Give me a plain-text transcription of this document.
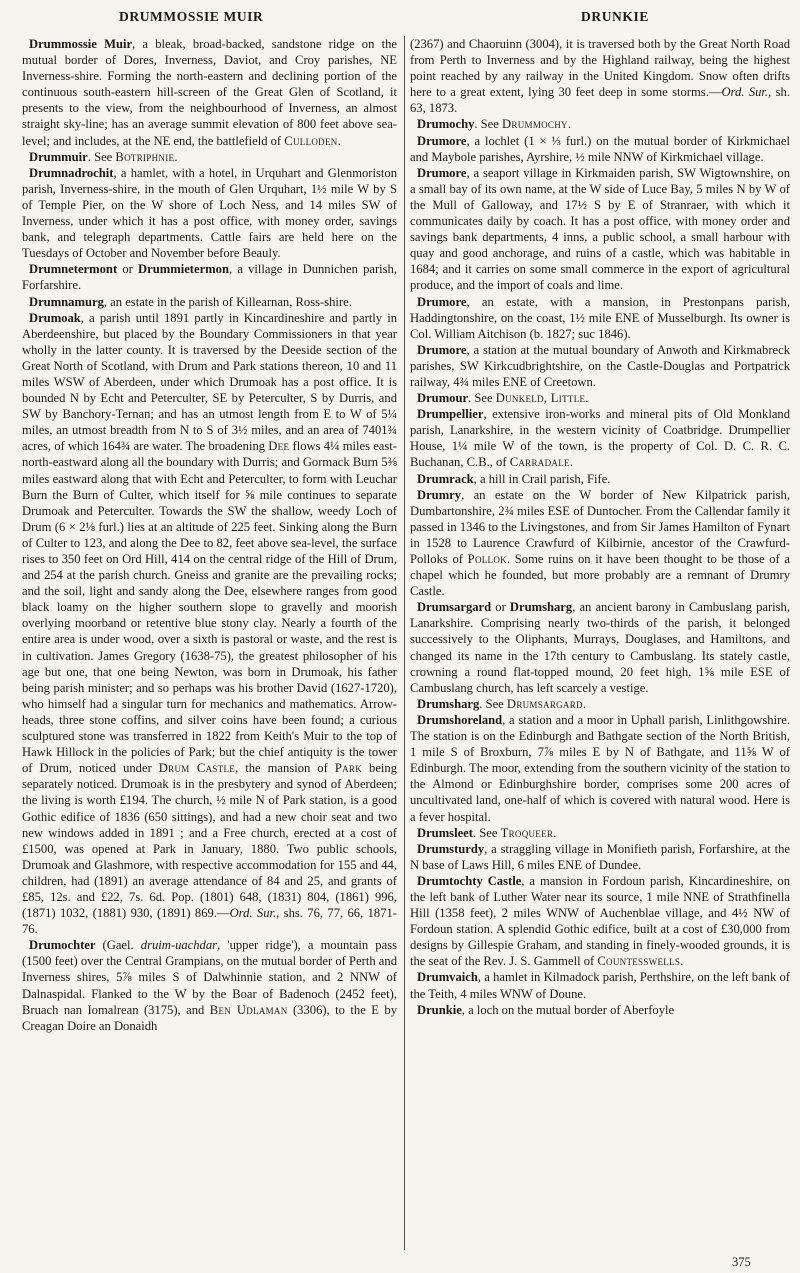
DRUMMOSSIE MUIR	DRUNKIE

Drummossie Muir, a bleak, broad-backed, sandstone ridge on the mutual border of Dores, Inverness, Daviot, and Croy parishes, NE Inverness-shire. Forming the north-eastern and declining portion of the continuous south-eastern hill-screen of the Great Glen of Scotland, it presents to the view, from the neighbourhood of Inverness, an almost straight sky-line; has an average summit elevation of 800 feet above sea-level; and includes, at the NE end, the battlefield of Culloden.

Drummuir. See Botriphnie.

Drumnadrochit, a hamlet, with a hotel, in Urquhart and Glenmoriston parish, Inverness-shire, in the mouth of Glen Urquhart, 1½ mile W by S of Temple Pier, on the W shore of Loch Ness, and 14 miles SW of Inverness, under which it has a post office, with money order, savings bank, and telegraph departments. Cattle fairs are held here on the Tuesdays of October and November before Beauly.

Drumnetermont or Drummietermon, a village in Dunnichen parish, Forfarshire.

Drumnamurg, an estate in the parish of Killearnan, Ross-shire.

Drumoak, a parish until 1891 partly in Kincardineshire and partly in Aberdeenshire, but placed by the Boundary Commissioners in that year wholly in the latter county. It is traversed by the Deeside section of the Great North of Scotland, with Drum and Park stations thereon, 10 and 11 miles WSW of Aberdeen, under which Drumoak has a post office. It is bounded N by Echt and Peterculter, SE by Peterculter, S by Durris, and SW by Banchory-Ternan; and has an utmost length from E to W of 5¼ miles, an utmost breadth from N to S of 3½ miles, and an area of 7401¾ acres, of which 164¾ are water. The broadening Dee flows 4¼ miles east-north-eastward along all the boundary with Durris; and Gormack Burn 5⅜ miles eastward along that with Echt and Peterculter, to form with Leuchar Burn the Burn of Culter, which itself for ⅝ mile continues to separate Drumoak and Peterculter. Towards the SW the shallow, weedy Loch of Drum (6 × 2⅛ furl.) lies at an altitude of 225 feet. Sinking along the Burn of Culter to 123, and along the Dee to 82, feet above sea-level, the surface rises to 350 feet on Ord Hill, 414 on the central ridge of the Hill of Drum, and 254 at the parish church. Gneiss and granite are the prevailing rocks; and the soil, light and sandy along the Dee, elsewhere ranges from good black loamy on the higher southern slope to gravelly and moorish overlying moorband or retentive blue stony clay. Nearly a fourth of the entire area is under wood, over a sixth is pastoral or waste, and the rest is in cultivation. James Gregory (1638-75), the greatest philosopher of his age but one, that one being Newton, was born in Drumoak, his father being parish minister; and so perhaps was his brother David (1627-1720), who himself had a singular turn for mechanics and mathematics. Arrow-heads, three stone coffins, and silver coins have been found; a curious sculptured stone was transferred in 1822 from Keith's Muir to the top of Hawk Hillock in the policies of Park; but the chief antiquity is the tower of Drum, noticed under Drum Castle, the mansion of Park being separately noticed. Drumoak is in the presbytery and synod of Aberdeen; the living is worth £194. The church, ½ mile N of Park station, is a good Gothic edifice of 1836 (650 sittings), and had a new choir seat and two new windows added in 1891 ; and a Free church, erected at a cost of £1500, was opened at Park in January, 1880. Two public schools, Drumoak and Glashmore, with respective accommodation for 155 and 44, children, had (1891) an average attendance of 84 and 25, and grants of £85, 12s. and £22, 7s. 6d. Pop. (1801) 648, (1831) 804, (1861) 996, (1871) 1032, (1881) 930, (1891) 869.—Ord. Sur., shs. 76, 77, 66, 1871-76.

Drumochter (Gael. druim-uachdar, 'upper ridge'), a mountain pass (1500 feet) over the Central Grampians, on the mutual border of Perth and Inverness shires, 5⅞ miles S of Dalwhinnie station, and 2 NNW of Dalnaspidal. Flanked to the W by the Boar of Badenoch (2452 feet), Bruach nan Iomalrean (3175), and Ben Udlaman (3306), to the E by Creagan Doire an Donaidh

(2367) and Chaoruinn (3004), it is traversed both by the Great North Road from Perth to Inverness and by the Highland railway, being the highest point reached by any railway in the United Kingdom. Snow often drifts here to a great extent, lying 30 feet deep in some storms.—Ord. Sur., sh. 63, 1873.

Drumochy. See Drummochy.

Drumore, a lochlet (1 × ⅓ furl.) on the mutual border of Kirkmichael and Maybole parishes, Ayrshire, ½ mile NNW of Kirkmichael village.

Drumore, a seaport village in Kirkmaiden parish, SW Wigtownshire, on a small bay of its own name, at the W side of Luce Bay, 5 miles N by W of the Mull of Galloway, and 17½ S by E of Stranraer, with which it communicates daily by coach. It has a post office, with money order and savings bank departments, 4 inns, a public school, a small harbour with quay and good anchorage, and ruins of a castle, which was habitable in 1684; and it carries on some small commerce in the export of agricultural produce, and the import of coals and lime.

Drumore, an estate, with a mansion, in Prestonpans parish, Haddingtonshire, on the coast, 1½ mile ENE of Musselburgh. Its owner is Col. William Aitchison (b. 1827; suc 1846).

Drumore, a station at the mutual boundary of Anwoth and Kirkmabreck parishes, SW Kirkcudbrightshire, on the Castle-Douglas and Portpatrick railway, 4¾ miles ENE of Creetown.

Drumour. See Dunkeld, Little.

Drumpellier, extensive iron-works and mineral pits of Old Monkland parish, Lanarkshire, in the western vicinity of Coatbridge. Drumpellier House, 1¼ mile W of the town, is the property of Col. D. C. R. C. Buchanan, C.B., of Carradale.

Drumrack, a hill in Crail parish, Fife.

Drumry, an estate on the W border of New Kilpatrick parish, Dumbartonshire, 2¾ miles ESE of Duntocher. From the Callendar family it passed in 1346 to the Livingstones, and from Sir James Hamilton of Fynart in 1528 to Laurence Crawfurd of Kilbirnie, ancestor of the Crawfurd-Polloks of Pollok. Some ruins on it have been thought to be those of a chapel which he founded, but more probably are a remnant of Drumry Castle.

Drumsargard or Drumsharg, an ancient barony in Cambuslang parish, Lanarkshire. Comprising nearly two-thirds of the parish, it belonged successively to the Oliphants, Murrays, Douglases, and Hamiltons, and changed its name in the 17th century to Cambuslang. Its stately castle, crowning a round flat-topped mound, 20 feet high, 1⅝ mile ESE of Cambuslang church, has left scarcely a vestige.

Drumsharg. See Drumsargard.

Drumshoreland, a station and a moor in Uphall parish, Linlithgowshire. The station is on the Edinburgh and Bathgate section of the North British, 1 mile S of Broxburn, 7⅞ miles E by N of Bathgate, and 11⅝ W of Edinburgh. The moor, extending from the southern vicinity of the station to the Almond or Edinburghshire border, comprises some 200 acres of uncultivated land, one-half of which is covered with natural wood. Here is a fever hospital.

Drumsleet. See Troqueer.

Drumsturdy, a straggling village in Monifieth parish, Forfarshire, at the N base of Laws Hill, 6 miles ENE of Dundee.

Drumtochty Castle, a mansion in Fordoun parish, Kincardineshire, on the left bank of Luther Water near its source, 1 mile NNE of Strathfinella Hill (1358 feet), 2 miles WNW of Auchenblae village, and 4½ NW of Fordoun station. A splendid Gothic edifice, built at a cost of £30,000 from designs by Gillespie Graham, and standing in finely-wooded grounds, it is the seat of the Rev. J. S. Gammell of Countesswells.

Drumvaich, a hamlet in Kilmadock parish, Perthshire, on the left bank of the Teith, 4 miles WNW of Doune.

Drunkie, a loch on the mutual border of Aberfoyle

375
